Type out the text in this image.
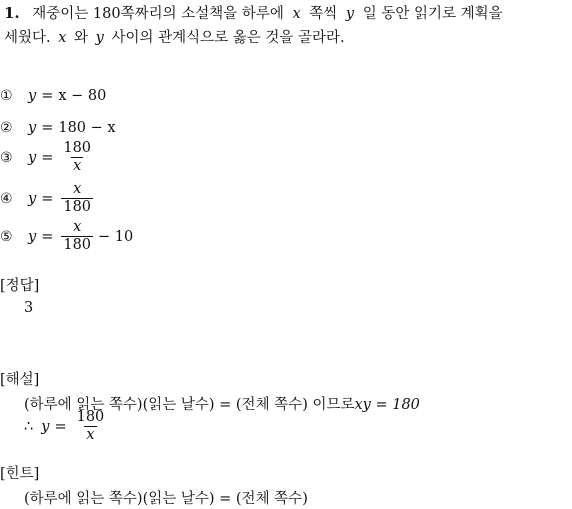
1. 재중이는 180쪽짜리의 소설책을 하루에 x 쪽씩 y 일 동안 읽기로 계획을
세웠다. x 와 y 사이의 관계식으로 옳은 것을 골라라.
①	y = x − 80
②	y = 180 − x
③	$y = \frac{180}{x}$
④	$y = \frac{x}{180}$
⑤	$y = \frac{x}{180} - 10$
[정답]
3
[해설]
(하루에 읽는 쪽수)(읽는 날수) = (전체 쪽수) 이므로xy = 180
∴ $y = \frac{180}{x}$
[힌트]
(하루에 읽는 쪽수)(읽는 날수) = (전체 쪽수)
